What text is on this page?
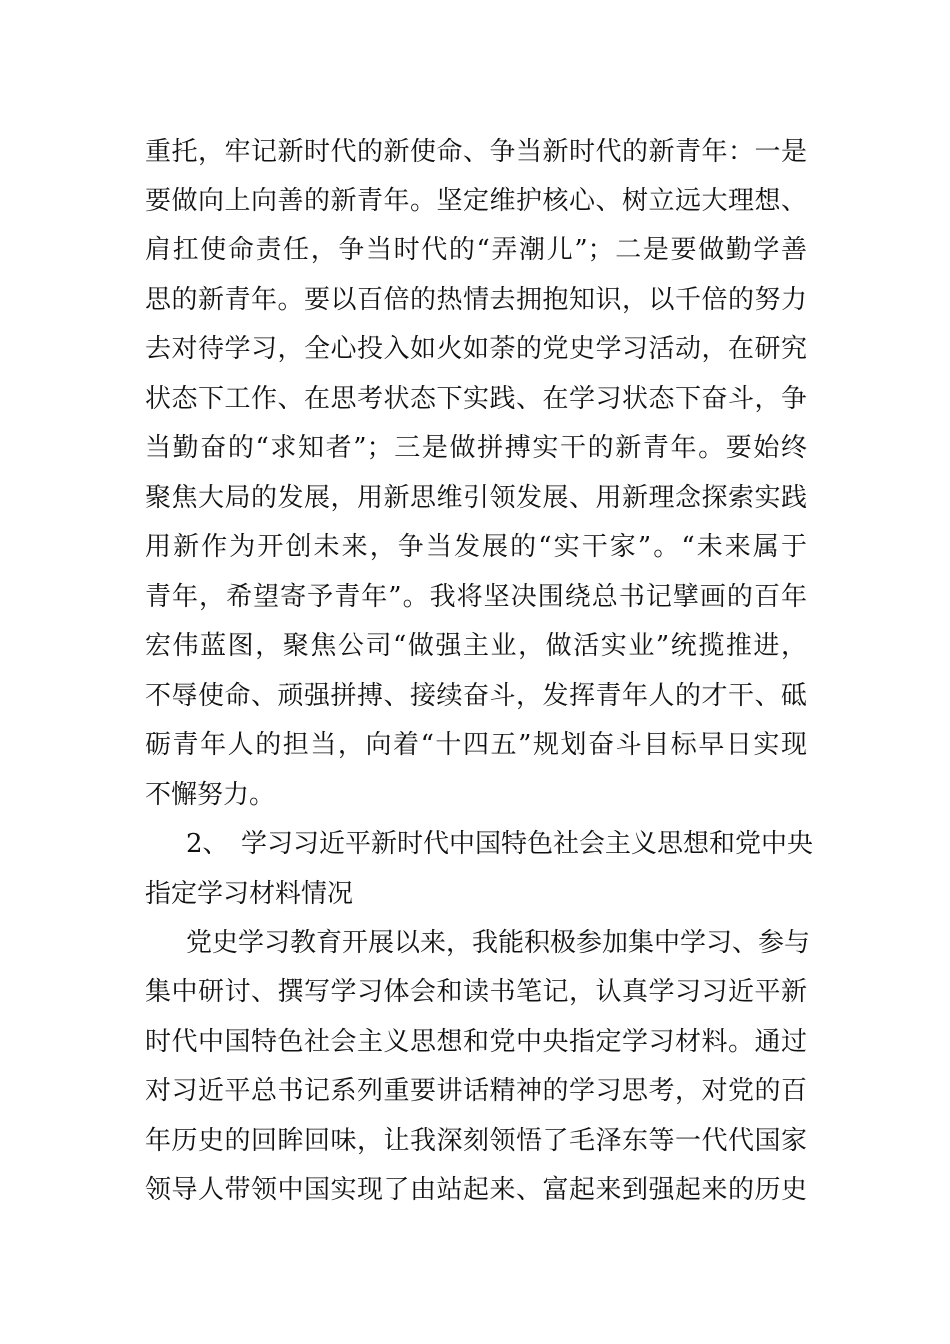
重托，牢记新时代的新使命、争当新时代的新青年：一是
要做向上向善的新青年。坚定维护核心、树立远大理想、
肩扛使命责任，争当时代的“弄潮儿”；二是要做勤学善
思的新青年。要以百倍的热情去拥抱知识，以千倍的努力
去对待学习，全心投入如火如荼的党史学习活动，在研究
状态下工作、在思考状态下实践、在学习状态下奋斗，争
当勤奋的“求知者”；三是做拼搏实干的新青年。要始终
聚焦大局的发展，用新思维引领发展、用新理念探索实践
用新作为开创未来，争当发展的“实干家”。“未来属于
青年，希望寄予青年”。我将坚决围绕总书记擘画的百年
宏伟蓝图，聚焦公司“做强主业，做活实业”统揽推进，
不辱使命、顽强拼搏、接续奋斗，发挥青年人的才干、砥
砺青年人的担当，向着“十四五”规划奋斗目标早日实现
不懈努力。
2、 学习习近平新时代中国特色社会主义思想和党中央
指定学习材料情况
党史学习教育开展以来，我能积极参加集中学习、参与
集中研讨、撰写学习体会和读书笔记，认真学习习近平新
时代中国特色社会主义思想和党中央指定学习材料。通过
对习近平总书记系列重要讲话精神的学习思考，对党的百
年历史的回眸回味，让我深刻领悟了毛泽东等一代代国家
领导人带领中国实现了由站起来、富起来到强起来的历史
